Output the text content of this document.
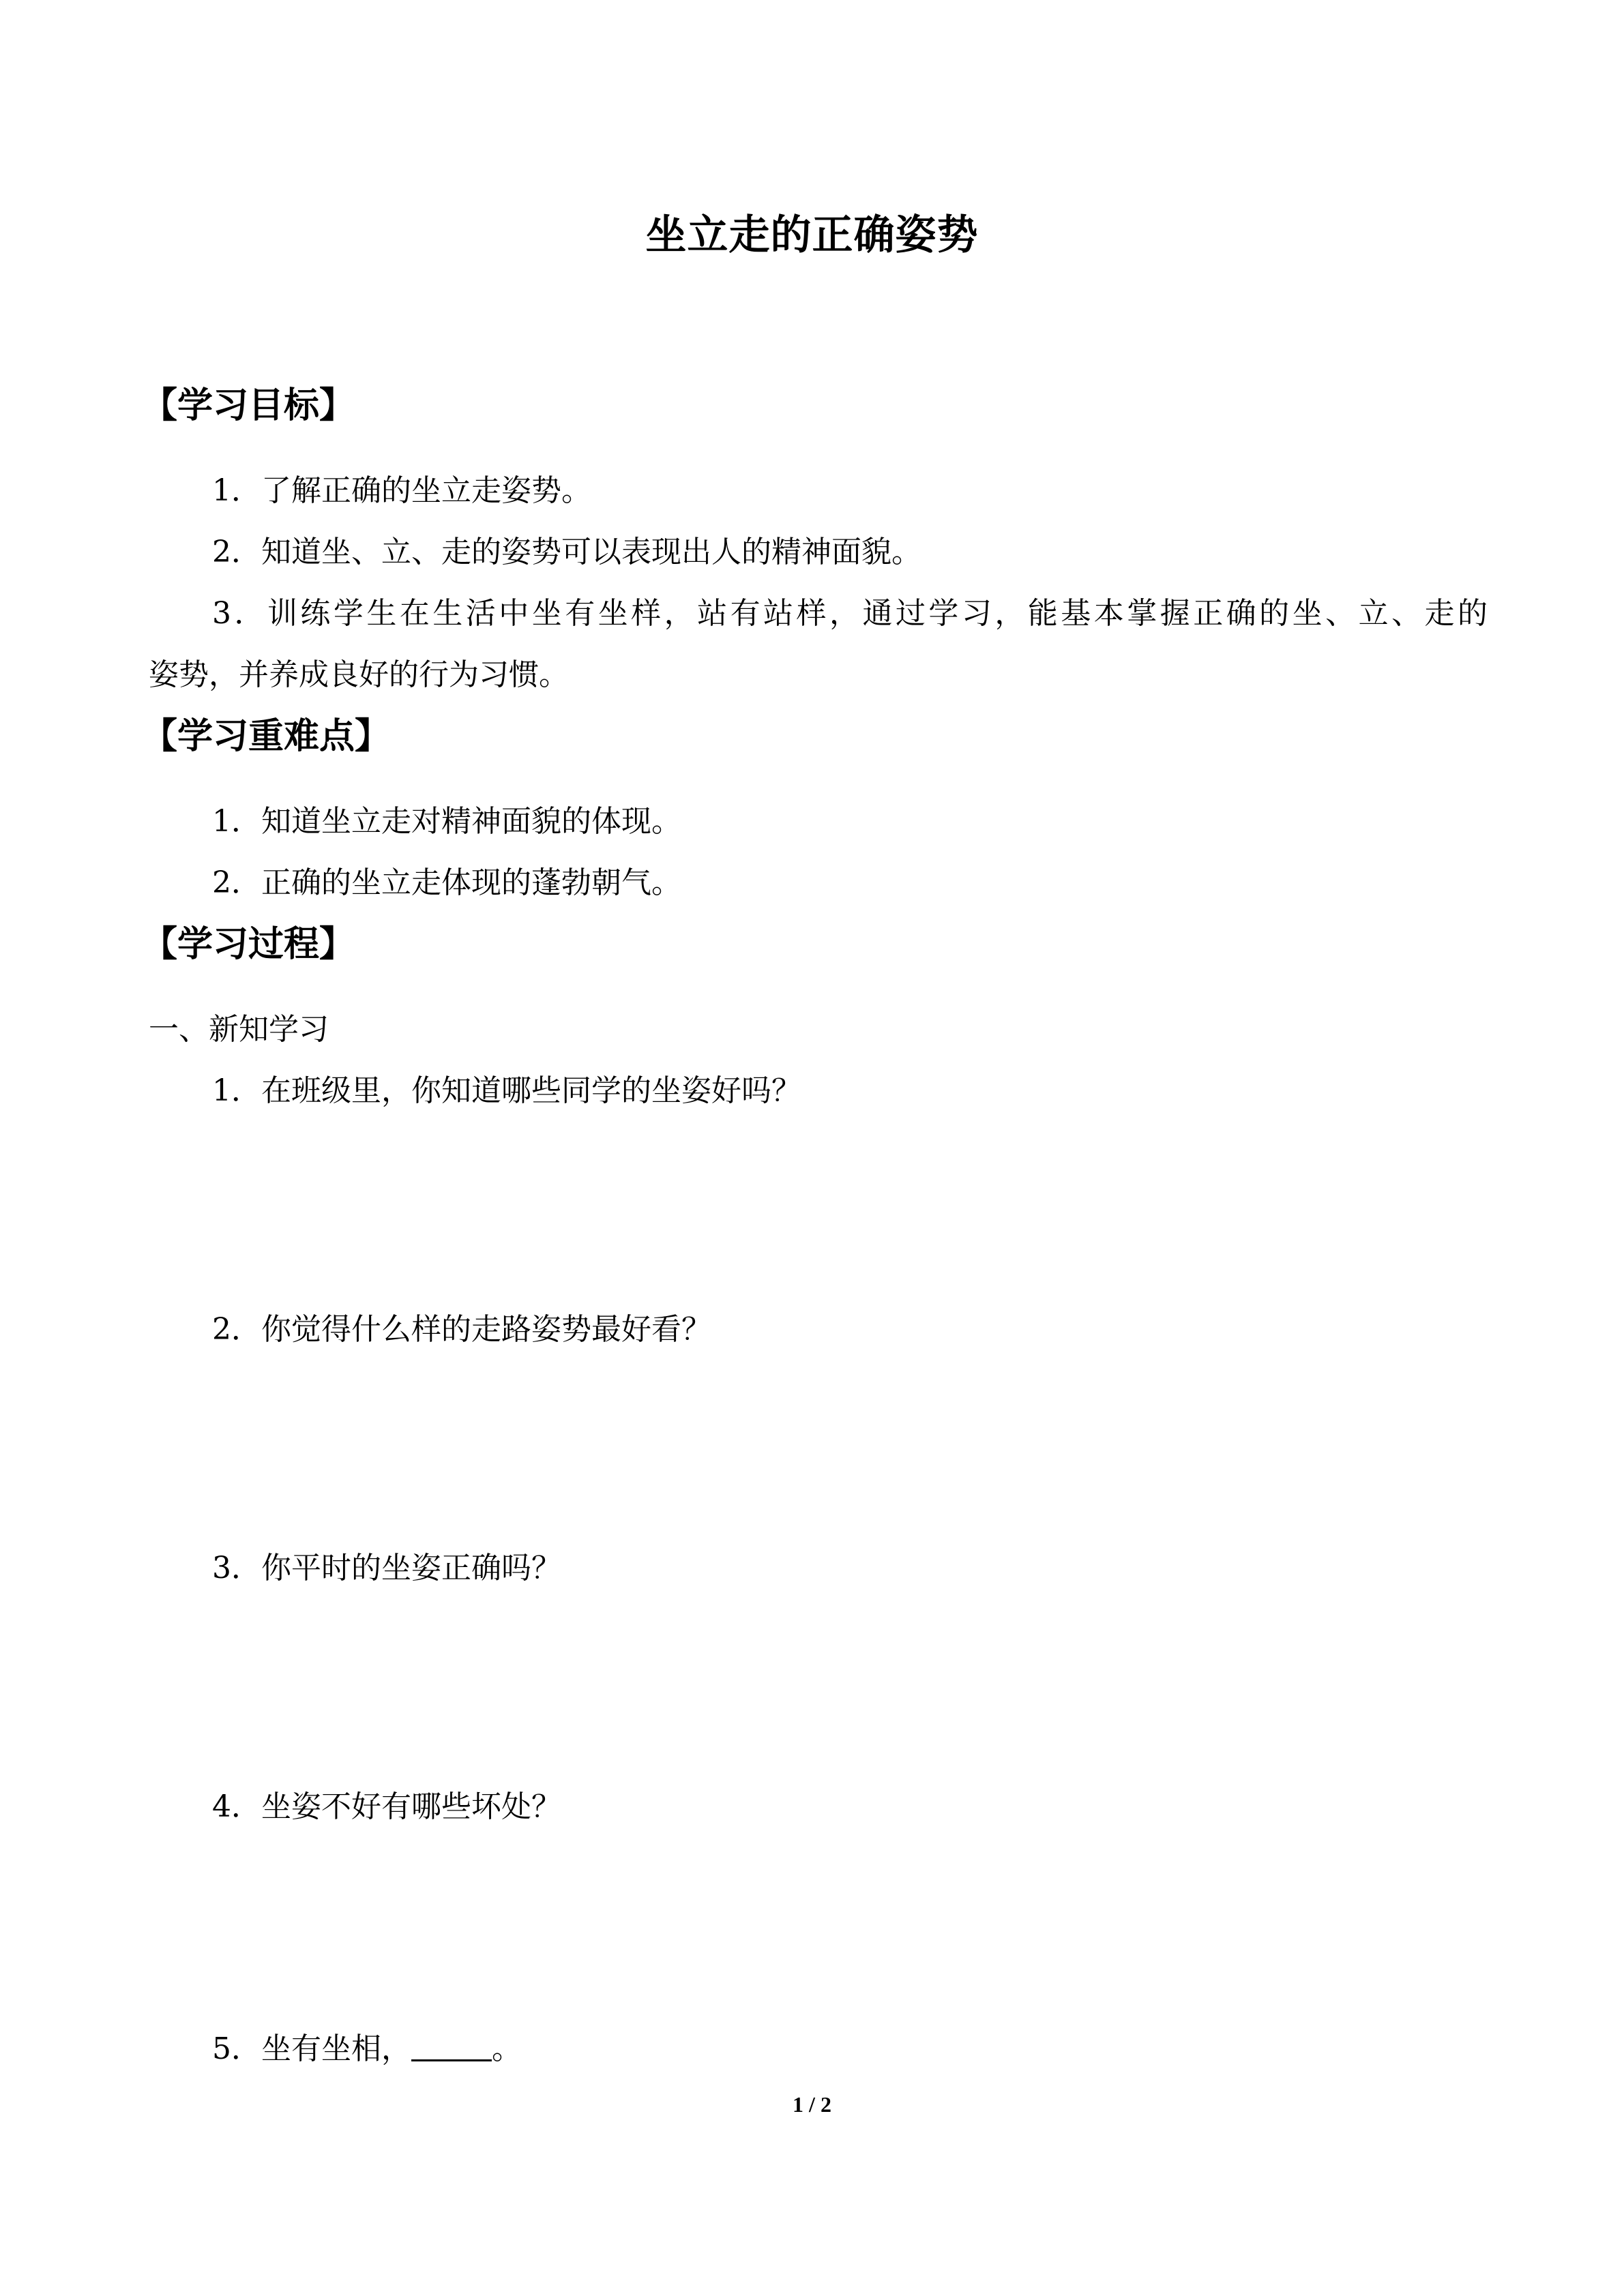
坐立走的正确姿势
【学习目标】
1．了解正确的坐立走姿势。
2．知道坐、立、走的姿势可以表现出人的精神面貌。
3．训练学生在生活中坐有坐样，站有站样，通过学习，能基本掌握正确的坐、立、走的
姿势，并养成良好的行为习惯。
【学习重难点】
1．知道坐立走对精神面貌的体现。
2．正确的坐立走体现的蓬勃朝气。
【学习过程】
一、新知学习
1．在班级里，你知道哪些同学的坐姿好吗？
2．你觉得什么样的走路姿势最好看？
3．你平时的坐姿正确吗？
4．坐姿不好有哪些坏处？
5．坐有坐相，	。
1 / 2
